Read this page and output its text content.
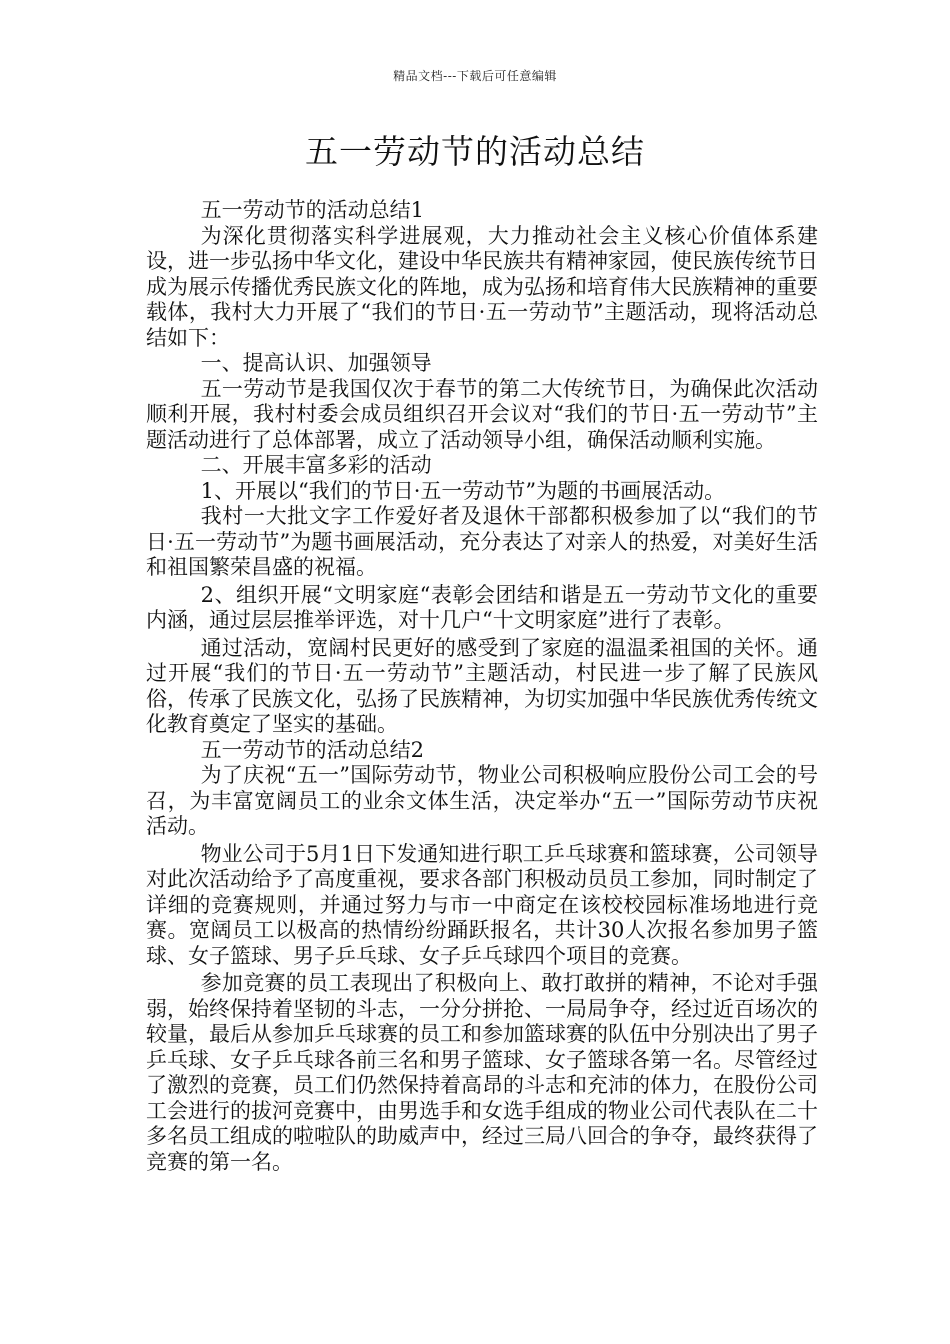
精品文档---下载后可任意编辑
五一劳动节的活动总结

五一劳动节的活动总结1

为深化贯彻落实科学进展观，大力推动社会主义核心价值体系建设，进一步弘扬中华文化，建设中华民族共有精神家园，使民族传统节日成为展示传播优秀民族文化的阵地，成为弘扬和培育伟大民族精神的重要载体，我村大力开展了“我们的节日·五一劳动节”主题活动，现将活动总结如下：

一、提高认识、加强领导

五一劳动节是我国仅次于春节的第二大传统节日，为确保此次活动顺利开展，我村村委会成员组织召开会议对“我们的节日·五一劳动节”主题活动进行了总体部署，成立了活动领导小组，确保活动顺利实施。

二、开展丰富多彩的活动

1、开展以“我们的节日·五一劳动节”为题的书画展活动。

我村一大批文字工作爱好者及退休干部都积极参加了以“我们的节日·五一劳动节”为题书画展活动，充分表达了对亲人的热爱，对美好生活和祖国繁荣昌盛的祝福。

2、组织开展“文明家庭“表彰会团结和谐是五一劳动节文化的重要内涵，通过层层推举评选，对十几户“十文明家庭”进行了表彰。

通过活动，宽阔村民更好的感受到了家庭的温温柔祖国的关怀。通过开展“我们的节日·五一劳动节”主题活动，村民进一步了解了民族风俗，传承了民族文化，弘扬了民族精神，为切实加强中华民族优秀传统文化教育奠定了坚实的基础。

五一劳动节的活动总结2

为了庆祝“五一”国际劳动节，物业公司积极响应股份公司工会的号召，为丰富宽阔员工的业余文体生活，决定举办“五一”国际劳动节庆祝活动。

物业公司于5月1日下发通知进行职工乒乓球赛和篮球赛，公司领导对此次活动给予了高度重视，要求各部门积极动员员工参加，同时制定了详细的竞赛规则，并通过努力与市一中商定在该校校园标准场地进行竞赛。宽阔员工以极高的热情纷纷踊跃报名，共计30人次报名参加男子篮球、女子篮球、男子乒乓球、女子乒乓球四个项目的竞赛。

参加竞赛的员工表现出了积极向上、敢打敢拼的精神，不论对手强弱，始终保持着坚韧的斗志，一分分拼抢、一局局争夺，经过近百场次的较量，最后从参加乒乓球赛的员工和参加篮球赛的队伍中分别决出了男子乒乓球、女子乒乓球各前三名和男子篮球、女子篮球各第一名。尽管经过了激烈的竞赛，员工们仍然保持着高昂的斗志和充沛的体力，在股份公司工会进行的拔河竞赛中，由男选手和女选手组成的物业公司代表队在二十多名员工组成的啦啦队的助威声中，经过三局八回合的争夺，最终获得了竞赛的第一名。
